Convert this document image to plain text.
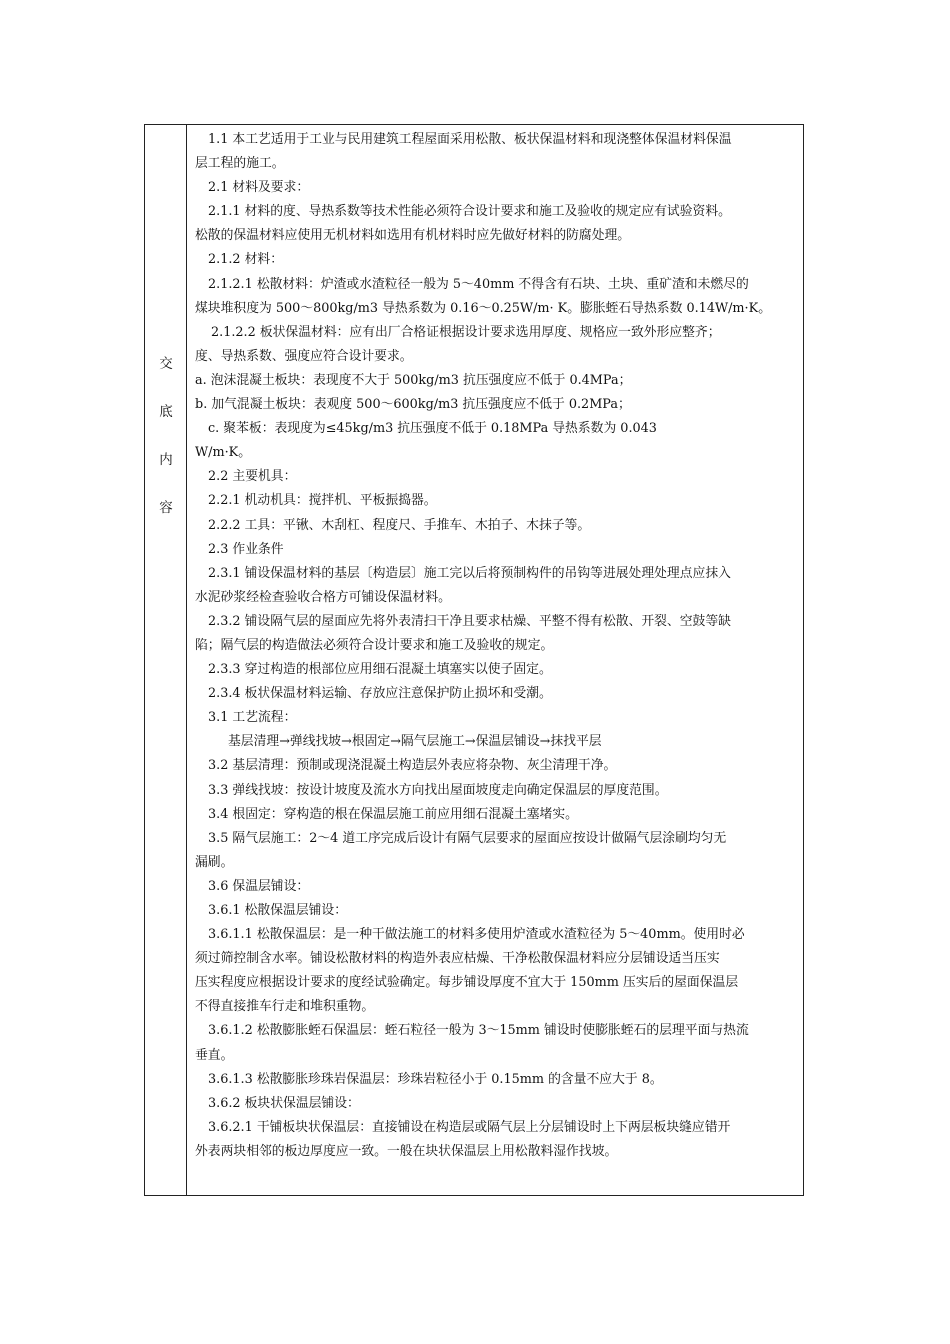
交
底
内
容
1.1 本工艺适用于工业与民用建筑工程屋面采用松散、板状保温材料和现浇整体保温材料保温
层工程的施工。
2.1 材料及要求：
2.1.1 材料的度、导热系数等技术性能必须符合设计要求和施工及验收的规定应有试验资料。
松散的保温材料应使用无机材料如选用有机材料时应先做好材料的防腐处理。
2.1.2 材料：
2.1.2.1 松散材料：炉渣或水渣粒径一般为 5～40mm 不得含有石块、土块、重矿渣和未燃尽的
煤块堆积度为 500～800kg/m3 导热系数为 0.16～0.25W/m· K。膨胀蛭石导热系数 0.14W/m·K。
2.1.2.2 板状保温材料：应有出厂合格证根据设计要求选用厚度、规格应一致外形应整齐；
度、导热系数、强度应符合设计要求。
a. 泡沫混凝土板块：表现度不大于 500kg/m3 抗压强度应不低于 0.4MPa；
b. 加气混凝土板块：表观度 500～600kg/m3 抗压强度应不低于 0.2MPa；
c. 聚苯板：表现度为≤45kg/m3 抗压强度不低于 0.18MPa 导热系数为 0.043
W/m·K。
2.2 主要机具：
2.2.1 机动机具：搅拌机、平板振捣器。
2.2.2 工具：平锹、木刮杠、程度尺、手推车、木拍子、木抹子等。
2.3 作业条件
2.3.1 铺设保温材料的基层〔构造层〕施工完以后将预制构件的吊钩等进展处理处理点应抹入
水泥砂浆经检查验收合格方可铺设保温材料。
2.3.2 铺设隔气层的屋面应先将外表清扫干净且要求枯燥、平整不得有松散、开裂、空鼓等缺
陷；隔气层的构造做法必须符合设计要求和施工及验收的规定。
2.3.3 穿过构造的根部位应用细石混凝土填塞实以使子固定。
2.3.4 板状保温材料运输、存放应注意保护防止损坏和受潮。
3.1 工艺流程：
基层清理→弹线找坡→根固定→隔气层施工→保温层铺设→抹找平层
3.2 基层清理：预制或现浇混凝土构造层外表应将杂物、灰尘清理干净。
3.3 弹线找坡：按设计坡度及流水方向找出屋面坡度走向确定保温层的厚度范围。
3.4 根固定：穿构造的根在保温层施工前应用细石混凝土塞堵实。
3.5 隔气层施工：2～4 道工序完成后设计有隔气层要求的屋面应按设计做隔气层涂刷均匀无
漏刷。
3.6 保温层铺设：
3.6.1 松散保温层铺设：
3.6.1.1 松散保温层：是一种干做法施工的材料多使用炉渣或水渣粒径为 5～40mm。使用时必
须过筛控制含水率。铺设松散材料的构造外表应枯燥、干净松散保温材料应分层铺设适当压实
压实程度应根据设计要求的度经试验确定。每步铺设厚度不宜大于 150mm 压实后的屋面保温层
不得直接推车行走和堆积重物。
3.6.1.2 松散膨胀蛭石保温层：蛭石粒径一般为 3～15mm 铺设时使膨胀蛭石的层理平面与热流
垂直。
3.6.1.3 松散膨胀珍珠岩保温层：珍珠岩粒径小于 0.15mm 的含量不应大于 8。
3.6.2 板块状保温层铺设：
3.6.2.1 干铺板块状保温层：直接铺设在构造层或隔气层上分层铺设时上下两层板块缝应错开
外表两块相邻的板边厚度应一致。一般在块状保温层上用松散料湿作找坡。
